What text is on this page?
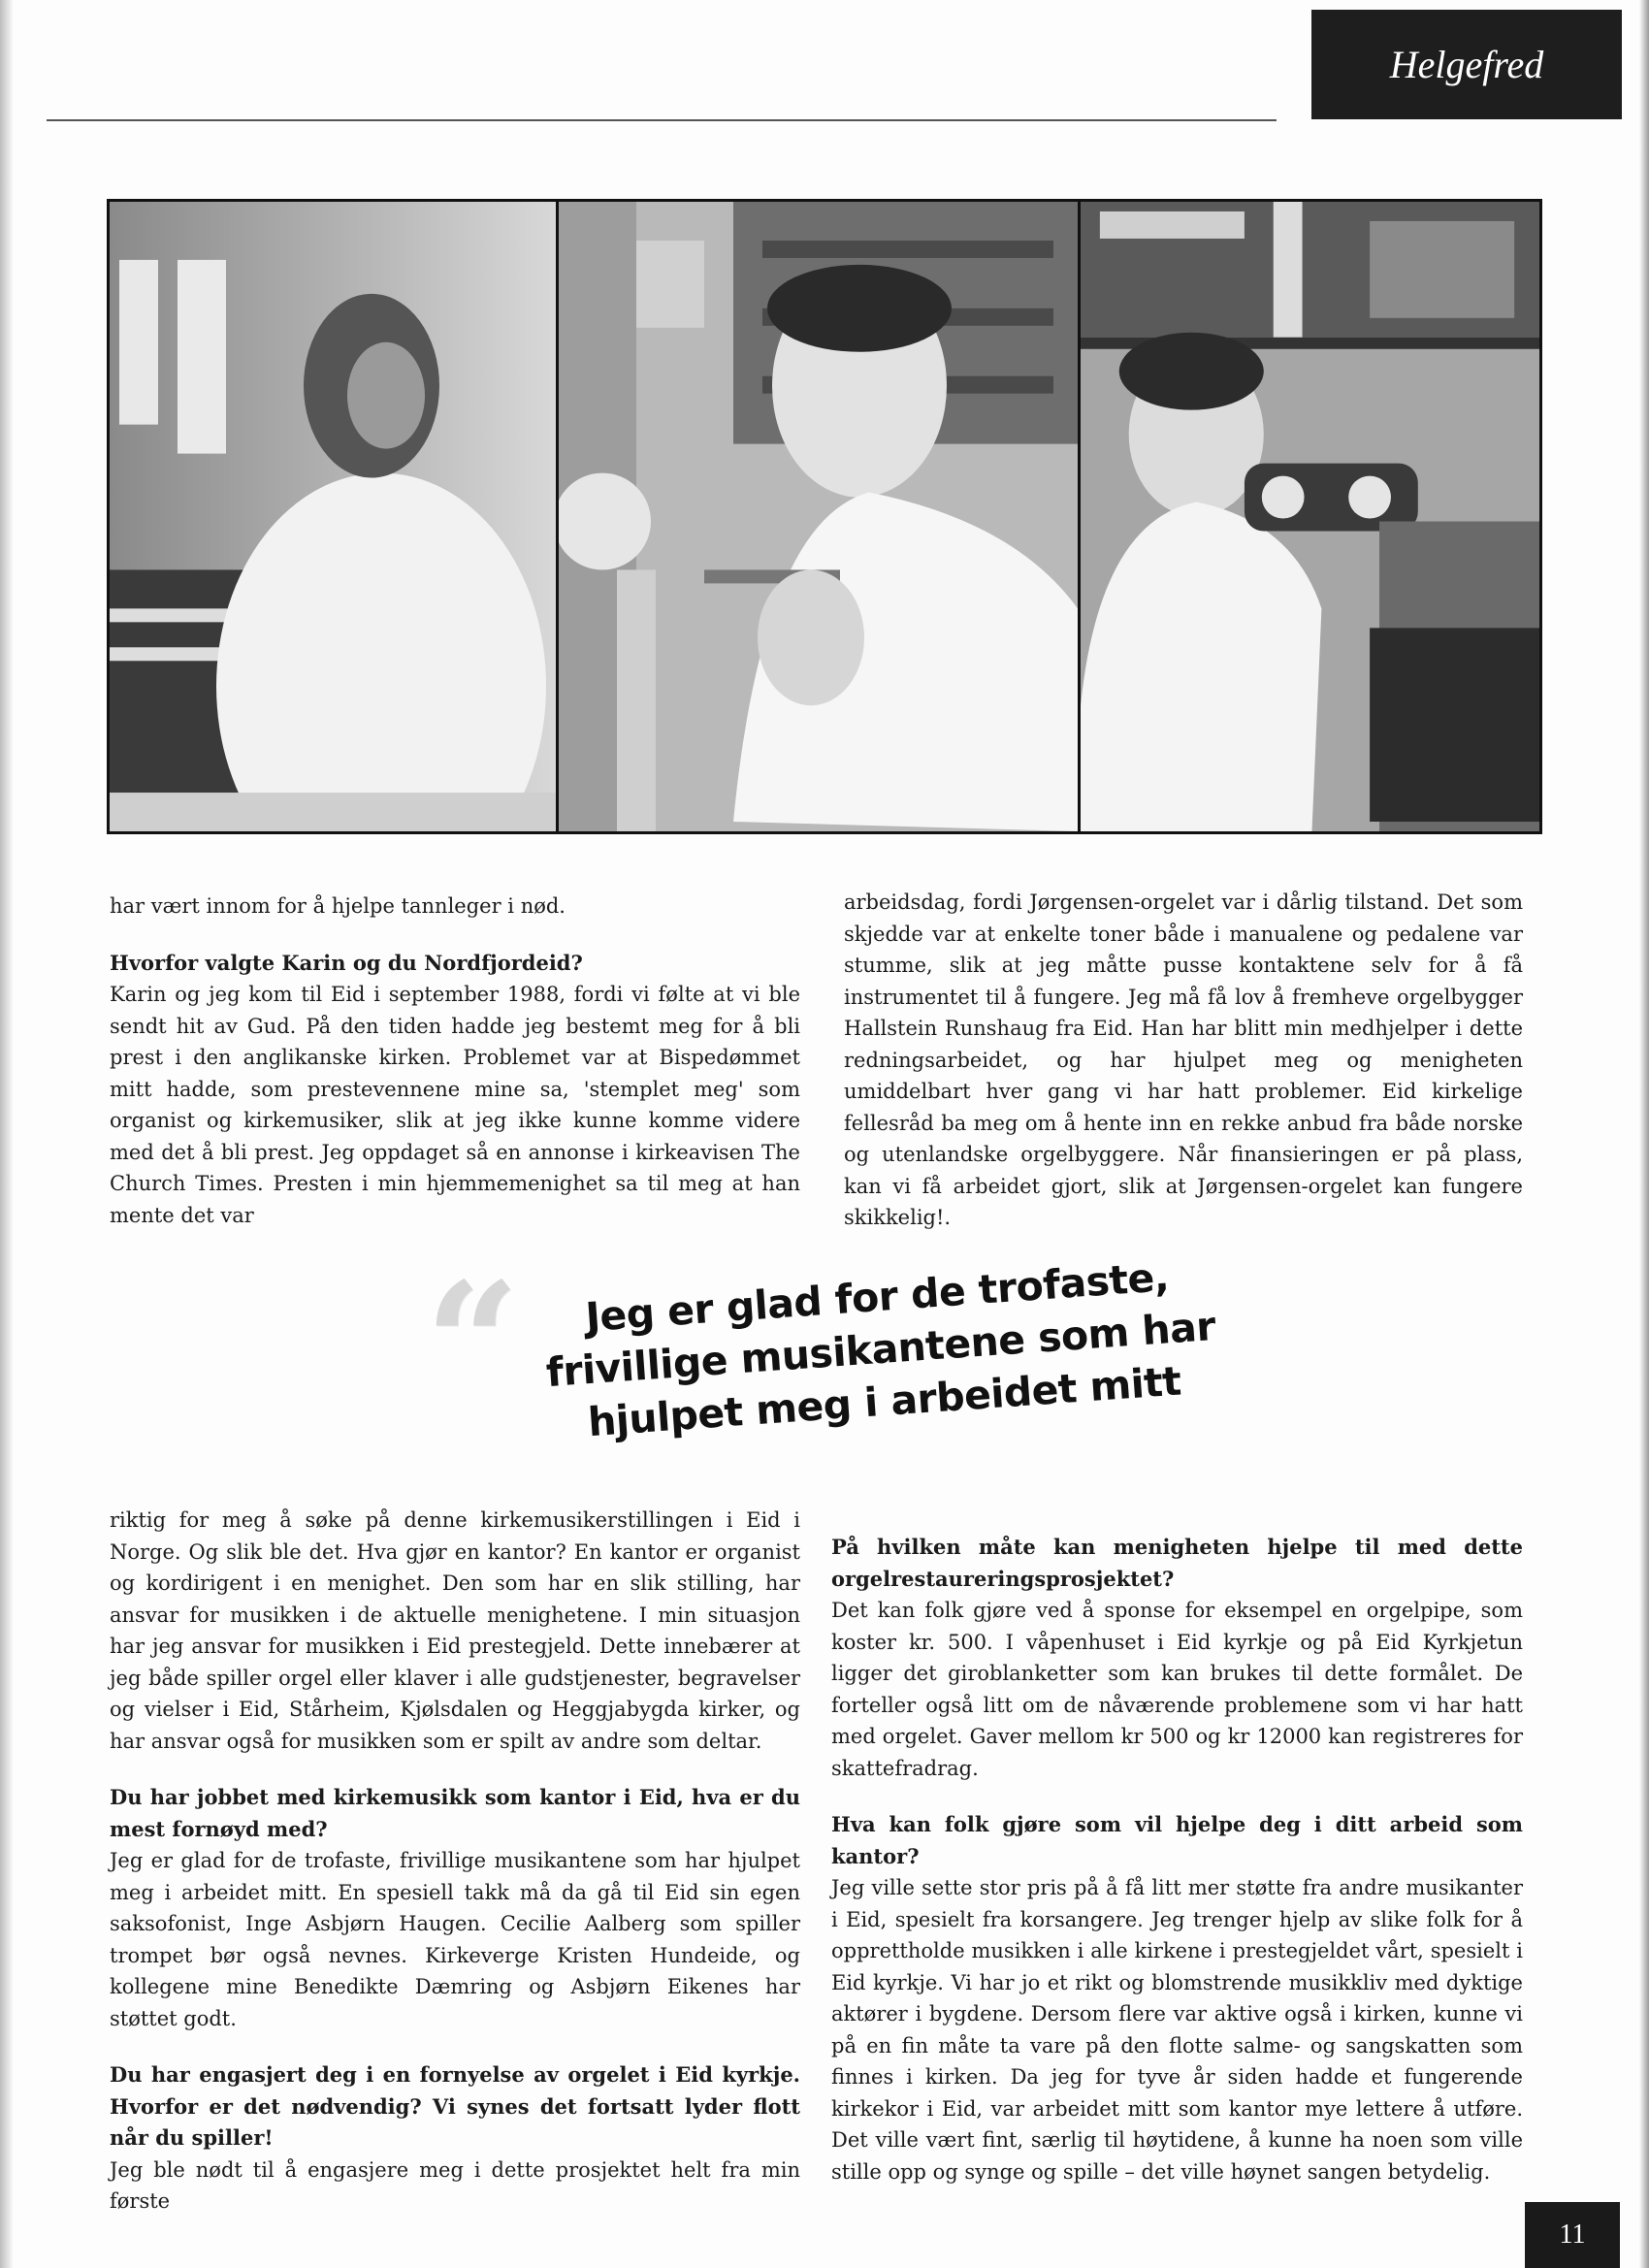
Helgefred

har vært innom for å hjelpe tannleger i nød.

Hvorfor valgte Karin og du Nordfjordeid?

Karin og jeg kom til Eid i september 1988, fordi vi følte at vi ble sendt hit av Gud. På den tiden hadde jeg bestemt meg for å bli prest i den anglikanske kirken. Problemet var at Bispedømmet mitt hadde, som prestevennene mine sa, 'stemplet meg' som organist og kirkemusiker, slik at jeg ikke kunne komme videre med det å bli prest. Jeg oppdaget så en annonse i kirkeavisen The Church Times. Presten i min hjemmemenighet sa til meg at han mente det var

arbeidsdag, fordi Jørgensen-orgelet var i dårlig tilstand. Det som skjedde var at enkelte toner både i manualene og pedalene var stumme, slik at jeg måtte pusse kontaktene selv for å få instrumentet til å fungere. Jeg må få lov å fremheve orgelbygger Hallstein Runshaug fra Eid. Han har blitt min medhjelper i dette redningsarbeidet, og har hjulpet meg og menigheten umiddelbart hver gang vi har hatt problemer. Eid kirkelige fellesråd ba meg om å hente inn en rekke anbud fra både norske og utenlandske orgelbyggere. Når finansieringen er på plass, kan vi få arbeidet gjort, slik at Jørgensen-orgelet kan fungere skikkelig!.

“	Jeg er glad for de trofaste, frivillige musikantene som har hjulpet meg i arbeidet mitt

riktig for meg å søke på denne kirkemusikerstillingen i Eid i Norge. Og slik ble det. Hva gjør en kantor? En kantor er organist og kordirigent i en menighet. Den som har en slik stilling, har ansvar for musikken i de aktuelle menighetene. I min situasjon har jeg ansvar for musikken i Eid prestegjeld. Dette innebærer at jeg både spiller orgel eller klaver i alle gudstjenester, begravelser og vielser i Eid, Stårheim, Kjølsdalen og Heggjabygda kirker, og har ansvar også for musikken som er spilt av andre som deltar.

Du har jobbet med kirkemusikk som kantor i Eid, hva er du mest fornøyd med?

Jeg er glad for de trofaste, frivillige musikantene som har hjulpet meg i arbeidet mitt. En spesiell takk må da gå til Eid sin egen saksofonist, Inge Asbjørn Haugen. Cecilie Aalberg som spiller trompet bør også nevnes. Kirkeverge Kristen Hundeide, og kollegene mine Benedikte Dæmring og Asbjørn Eikenes har støttet godt.

Du har engasjert deg i en fornyelse av orgelet i Eid kyrkje. Hvorfor er det nødvendig? Vi synes det fortsatt lyder flott når du spiller!

Jeg ble nødt til å engasjere meg i dette prosjektet helt fra min første

På hvilken måte kan menigheten hjelpe til med dette orgelrestaureringsprosjektet?

Det kan folk gjøre ved å sponse for eksempel en orgelpipe, som koster kr. 500. I våpenhuset i Eid kyrkje og på Eid Kyrkjetun ligger det giroblanketter som kan brukes til dette formålet. De forteller også litt om de nåværende problemene som vi har hatt med orgelet. Gaver mellom kr 500 og kr 12000 kan registreres for skattefradrag.

Hva kan folk gjøre som vil hjelpe deg i ditt arbeid som kantor?

Jeg ville sette stor pris på å få litt mer støtte fra andre musikanter i Eid, spesielt fra korsangere. Jeg trenger hjelp av slike folk for å opprettholde musikken i alle kirkene i prestegjeldet vårt, spesielt i Eid kyrkje. Vi har jo et rikt og blomstrende musikkliv med dyktige aktører i bygdene. Dersom flere var aktive også i kirken, kunne vi på en fin måte ta vare på den flotte salme- og sangskatten som finnes i kirken. Da jeg for tyve år siden hadde et fungerende kirkekor i Eid, var arbeidet mitt som kantor mye lettere å utføre. Det ville vært fint, særlig til høytidene, å kunne ha noen som ville stille opp og synge og spille – det ville høynet sangen betydelig.

11
